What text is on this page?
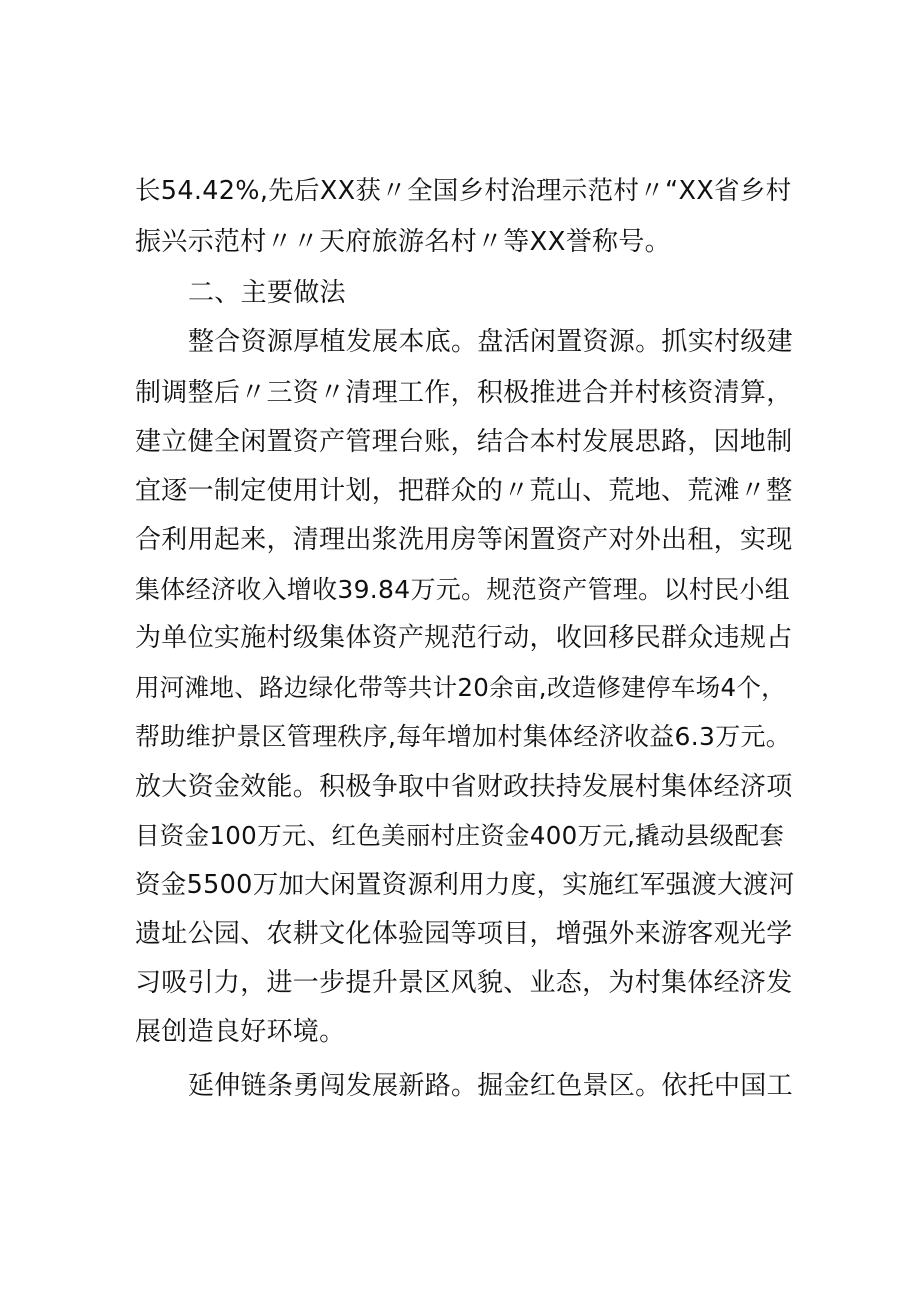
长54.42%,先后XX获〃全国乡村治理示范村〃“XX省乡村
振兴示范村〃〃天府旅游名村〃等XX誉称号。
二、主要做法
整合资源厚植发展本底。盘活闲置资源。抓实村级建
制调整后〃三资〃清理工作，积极推进合并村核资清算，
建立健全闲置资产管理台账，结合本村发展思路，因地制
宜逐一制定使用计划，把群众的〃荒山、荒地、荒滩〃整
合利用起来，清理出浆洗用房等闲置资产对外出租，实现
集体经济收入增收39.84万元。规范资产管理。以村民小组
为单位实施村级集体资产规范行动，收回移民群众违规占
用河滩地、路边绿化带等共计20余亩,改造修建停车场4个，
帮助维护景区管理秩序,每年增加村集体经济收益6.3万元。
放大资金效能。积极争取中省财政扶持发展村集体经济项
目资金100万元、红色美丽村庄资金400万元,撬动县级配套
资金5500万加大闲置资源利用力度，实施红军强渡大渡河
遗址公园、农耕文化体验园等项目，增强外来游客观光学
习吸引力，进一步提升景区风貌、业态，为村集体经济发
展创造良好环境。
延伸链条勇闯发展新路。掘金红色景区。依托中国工
